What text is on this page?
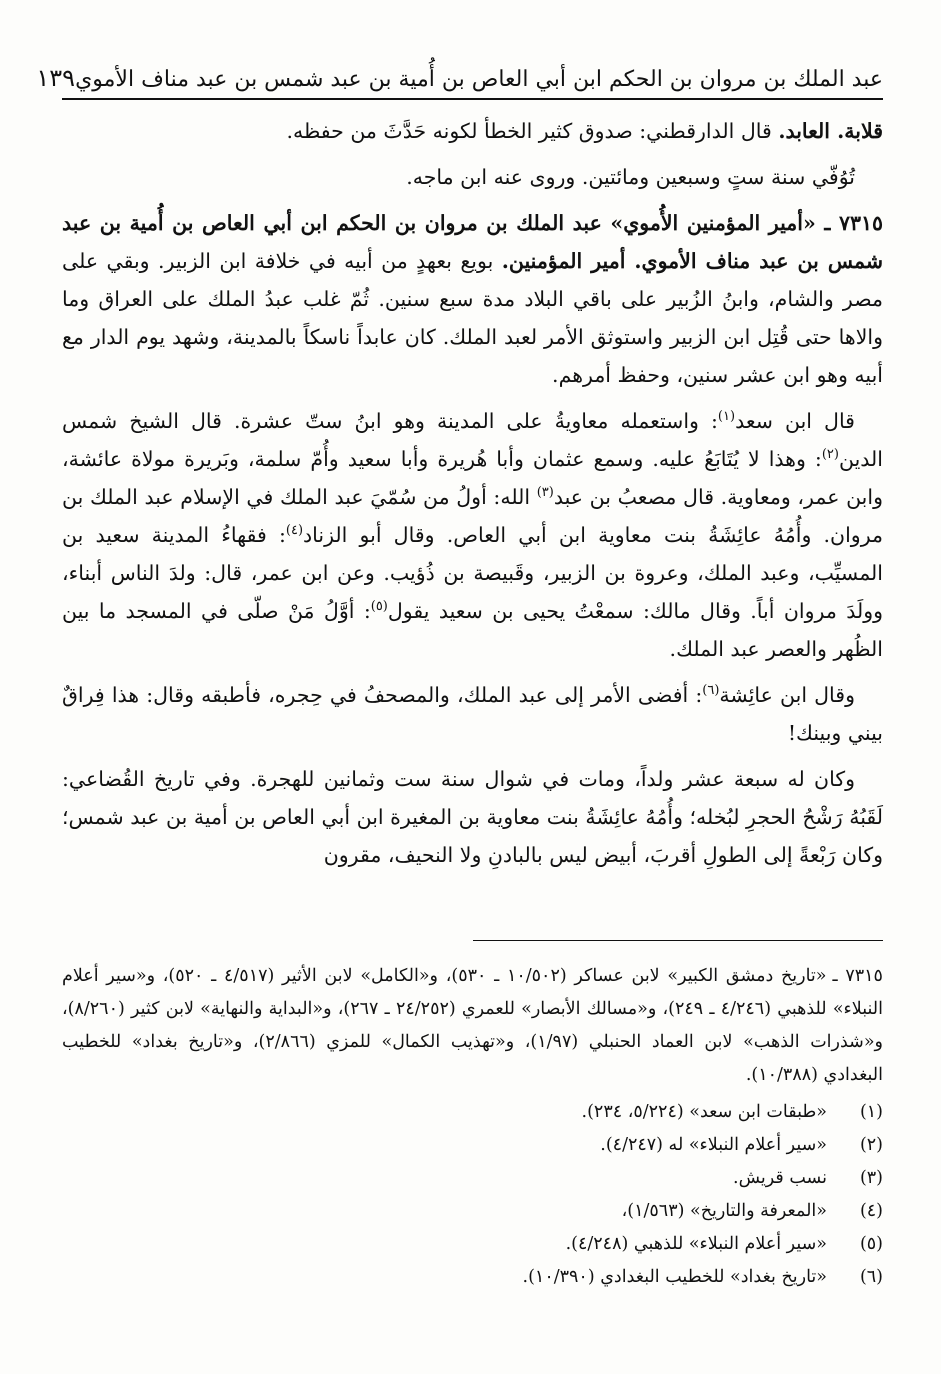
عبد الملك بن مروان بن الحكم ابن أبي العاص بن أُمية بن عبد شمس بن عبد مناف الأموي
١٣٩

قلابة. العابد. قال الدارقطني: صدوق كثير الخطأ لكونه حَدَّثَ من حفظه.

تُوُفّي سنة ستٍ وسبعين ومائتين. وروى عنه ابن ماجه.

٧٣١٥ ـ «أمير المؤمنين الأُموي» عبد الملك بن مروان بن الحكم ابن أبي العاص بن أُمية بن عبد شمس بن عبد مناف الأموي. أمير المؤمنين. بويع بعهدٍ من أبيه في خلافة ابن الزبير. وبقي على مصر والشام، وابنُ الزُبير على باقي البلاد مدة سبع سنين. ثُمّ غلب عبدُ الملك على العراق وما والاها حتى قُتِل ابن الزبير واستوثق الأمر لعبد الملك. كان عابداً ناسكاً بالمدينة، وشهد يوم الدار مع أبيه وهو ابن عشر سنين، وحفظ أمرهم.

قال ابن سعد$^{(١)}$: واستعمله معاويةُ على المدينة وهو ابنُ ستّ عشرة. قال الشيخ شمس الدين$^{(٢)}$: وهذا لا يُتَابَعُ عليه. وسمع عثمان وأبا هُريرة وأبا سعيد وأُمّ سلمة، وبَريرة مولاة عائشة، وابن عمر، ومعاوية. قال مصعبُ بن عبد$^{(٣)}$ الله: أولُ من سُمّيَ عبد الملك في الإسلام عبد الملك بن مروان. وأُمُهُ عائِشَةُ بنت معاوية ابن أبي العاص. وقال أبو الزناد$^{(٤)}$: فقهاءُ المدينة سعيد بن المسيِّب، وعبد الملك، وعروة بن الزبير، وقَبيصة بن ذُؤيب. وعن ابن عمر، قال: ولدَ الناس أبناء، وولَدَ مروان أباً. وقال مالك: سمعْتُ يحيى بن سعيد يقول$^{(٥)}$: أوَّلُ مَنْ صلّى في المسجد ما بين الظُهر والعصر عبد الملك.

وقال ابن عائِشة$^{(٦)}$: أفضى الأمر إلى عبد الملك، والمصحفُ في حِجره، فأطبقه وقال: هذا فِراقٌ بيني وبينك!

وكان له سبعة عشر ولداً، ومات في شوال سنة ست وثمانين للهجرة. وفي تاريخ القُضاعي: لَقَبُهُ رَشْحُ الحجرِ لبُخله؛ وأُمُهُ عائِشَةُ بنت معاوية بن المغيرة ابن أبي العاص بن أمية بن عبد شمس؛ وكان رَبْعةً إلى الطولِ أقربَ، أبيض ليس بالبادنِ ولا النحيف، مقرون

٧٣١٥ ـ«تاريخ دمشق الكبير» لابن عساكر (١٠/٥٠٢ ـ ٥٣٠)، و«الكامل» لابن الأثير (٤/٥١٧ ـ ٥٢٠)، و«سير أعلام النبلاء» للذهبي (٤/٢٤٦ ـ ٢٤٩)، و«مسالك الأبصار» للعمري (٢٤/٢٥٢ ـ ٢٦٧)، و«البداية والنهاية» لابن كثير (٨/٢٦٠)، و«شذرات الذهب» لابن العماد الحنبلي (١/٩٧)، و«تهذيب الكمال» للمزي (٢/٨٦٦)، و«تاريخ بغداد» للخطيب البغدادي (١٠/٣٨٨).
(١)
«طبقات ابن سعد» (٥/٢٢٤، ٢٣٤).
(٢)
«سير أعلام النبلاء» له (٤/٢٤٧).
(٣)
نسب قريش.
(٤)
«المعرفة والتاريخ» (١/٥٦٣)،
(٥)
«سير أعلام النبلاء» للذهبي (٤/٢٤٨).
(٦)
«تاريخ بغداد» للخطيب البغدادي (١٠/٣٩٠).
